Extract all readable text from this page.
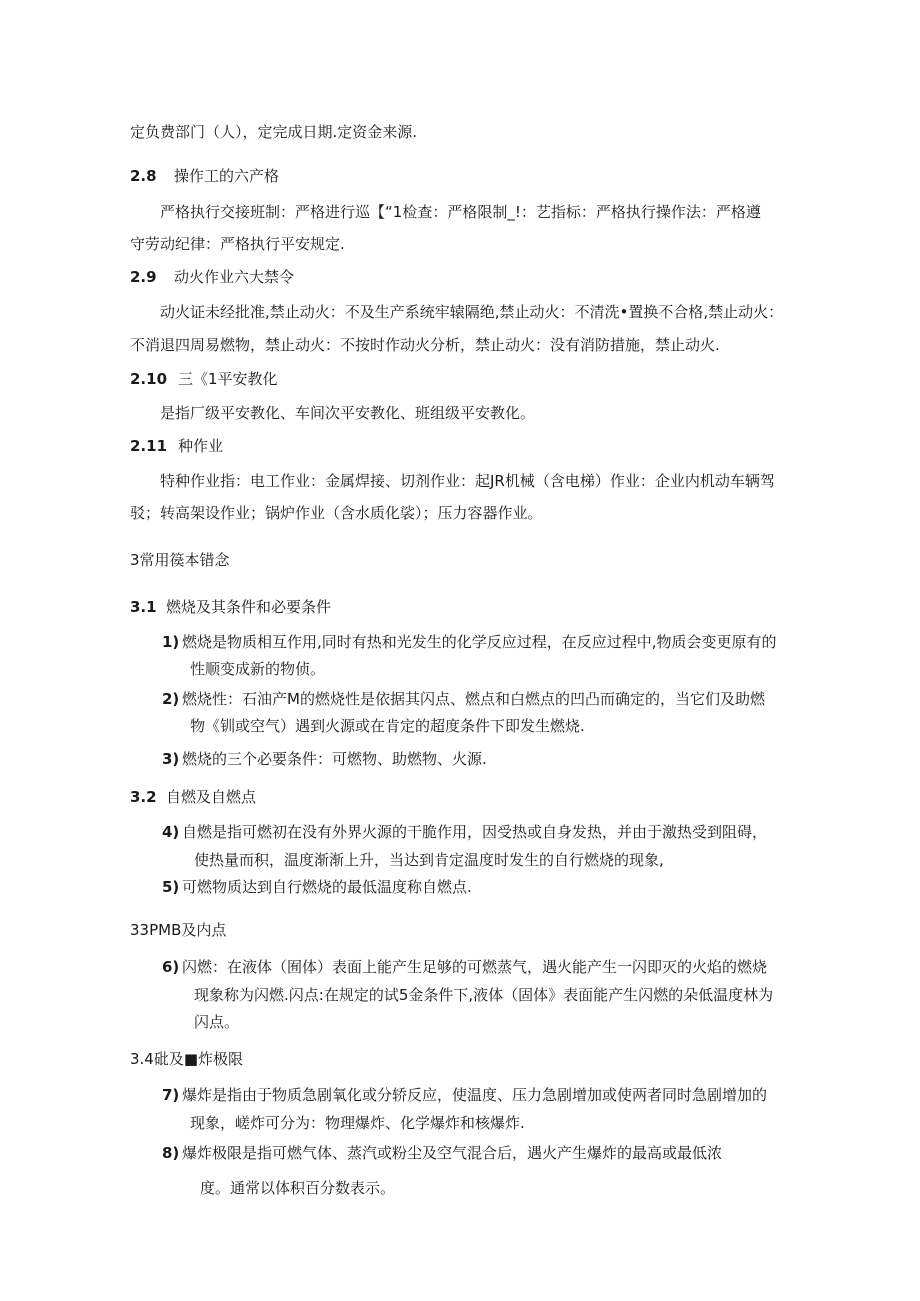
定负费部门（人），定完成日期.定资金来源.

2.8 操作工的六产格

严格执行交接班制：严格进行巡【“1检查：严格限制_!：艺指标：严格执行操作法：严格遵

守劳动纪律：严格执行平安规定.

2.9 动火作业六大禁令

动火证未经批准,禁止动火：不及生产系统牢辕隔绝,禁止动火：不清洗•置换不合格,禁止动火：

不消退四周易燃物，禁止动火：不按时作动火分析，禁止动火：没有消防措施，禁止动火.

2.10 三《1平安教化

是指厂级平安教化、车间次平安教化、班组级平安教化。

2.11 种作业

特种作业指：电工作业：金属焊接、切剂作业：起JR机械（含电梯）作业：企业内机动车辆驾

驳；转高架设作业；锅炉作业（含水质化裟）；压力容器作业。

3常用篌本错念

3.1 燃烧及其条件和必要条件

1) 燃烧是物质相互作用,同时有热和光发生的化学反应过程，在反应过程中,物质会变更原有的

性顺变成新的物侦。

2) 燃烧性：石油产M的燃烧性是依据其闪点、燃点和白燃点的凹凸而确定的，当它们及助燃

物《钏或空气）遇到火源或在肯定的超度条件下即发生燃烧.

3) 燃烧的三个必要条件：可燃物、助燃物、火源.

3.2 自燃及自燃点

4) 自燃是指可燃初在没有外界火源的干脆作用，因受热或自身发热，并由于激热受到阻碍，

使热量而积，温度渐渐上升，当达到肯定温度时发生的自行燃烧的现象,

5) 可燃物质达到自行燃烧的最低温度称自燃点.

33PMB及内点

6) 闪燃：在液体（囿体）表面上能产生足够的可燃蒸气，遇火能产生一闪即灭的火焰的燃烧

现象称为闪燃.闪点:在规定的试5金条件下,液体（固体》表面能产生闪燃的朵低温度林为

闪点。

3.4砒及■炸极限

7) 爆炸是指由于物质急剧氧化或分轿反应，使温度、压力急剧增加或使两者同时急剧增加的

现象，嵯炸可分为：物理爆炸、化学爆炸和核爆炸.

8) 爆炸极限是指可燃气体、蒸汽或粉尘及空气混合后，遇火产生爆炸的最高或最低浓

度。通常以体积百分数表示。
